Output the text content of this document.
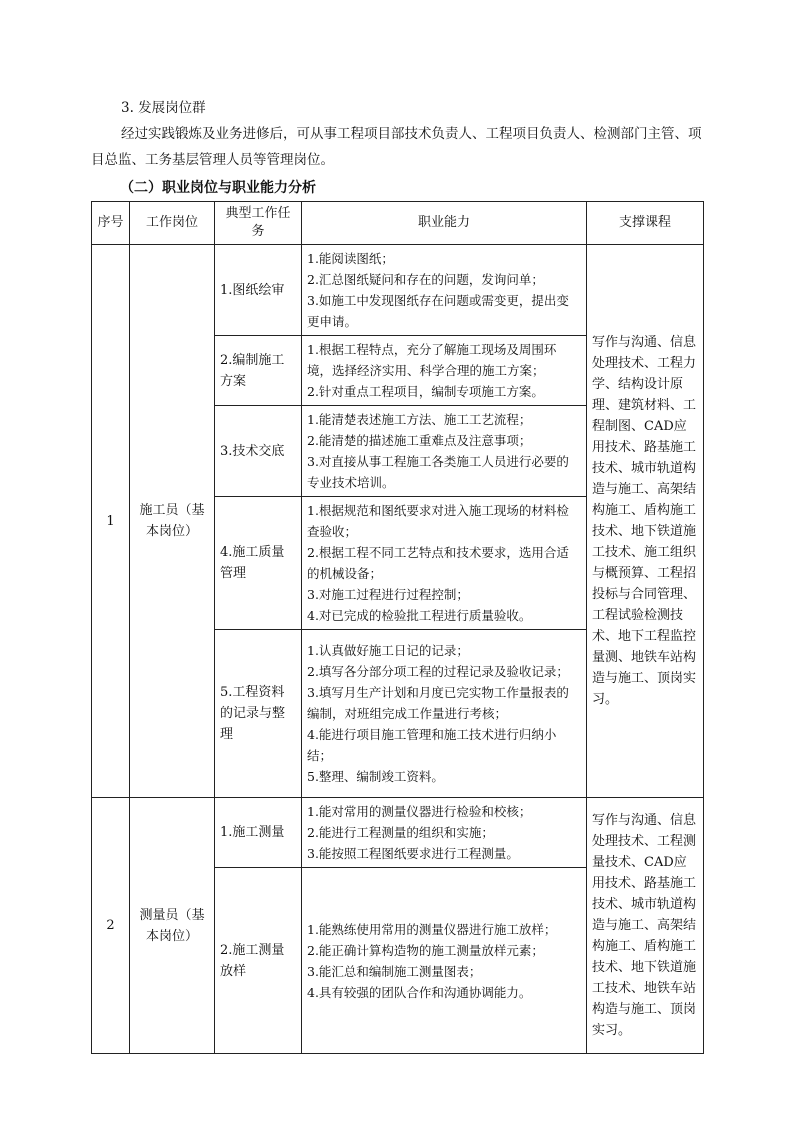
3. 发展岗位群
经过实践锻炼及业务进修后，可从事工程项目部技术负责人、工程项目负责人、检测部门主管、项目总监、工务基层管理人员等管理岗位。
（二）职业岗位与职业能力分析
序号	工作岗位	典型工作任务	职业能力	支撑课程
1	施工员（基本岗位）	1.图纸绘审	1.能阅读图纸；
2.汇总图纸疑问和存在的问题，发询问单；
3.如施工中发现图纸存在问题或需变更，提出变更申请。	写作与沟通、信息处理技术、工程力学、结构设计原理、建筑材料、工程制图、CAD应用技术、路基施工技术、城市轨道构造与施工、高架结构施工、盾构施工技术、地下铁道施工技术、施工组织与概预算、工程招投标与合同管理、工程试验检测技术、地下工程监控量测、地铁车站构造与施工、顶岗实习。
		2.编制施工方案	1.根据工程特点，充分了解施工现场及周围环境，选择经济实用、科学合理的施工方案；
2.针对重点工程项目，编制专项施工方案。	

		3.技术交底	1.能清楚表述施工方法、施工工艺流程；
2.能清楚的描述施工重难点及注意事项；
3.对直接从事工程施工各类施工人员进行必要的专业技术培训。	

		4.施工质量管理	1.根据规范和图纸要求对进入施工现场的材料检查验收；
2.根据工程不同工艺特点和技术要求，选用合适的机械设备；
3.对施工过程进行过程控制；
4.对已完成的检验批工程进行质量验收。	

		5.工程资料的记录与整理	1.认真做好施工日记的记录；
2.填写各分部分项工程的过程记录及验收记录；
3.填写月生产计划和月度已完实物工作量报表的编制，对班组完成工作量进行考核；
4.能进行项目施工管理和施工技术进行归纳小结；
5.整理、编制竣工资料。	

2	测量员（基本岗位）	1.施工测量	1.能对常用的测量仪器进行检验和校核；
2.能进行工程测量的组织和实施；
3.能按照工程图纸要求进行工程测量。	写作与沟通、信息处理技术、工程测量技术、CAD应用技术、路基施工技术、城市轨道构造与施工、高架结构施工、盾构施工技术、地下铁道施工技术、地铁车站构造与施工、顶岗实习。
		2.施工测量放样	1.能熟练使用常用的测量仪器进行施工放样；
2.能正确计算构造物的施工测量放样元素；
3.能汇总和编制施工测量图表；
4.具有较强的团队合作和沟通协调能力。	
